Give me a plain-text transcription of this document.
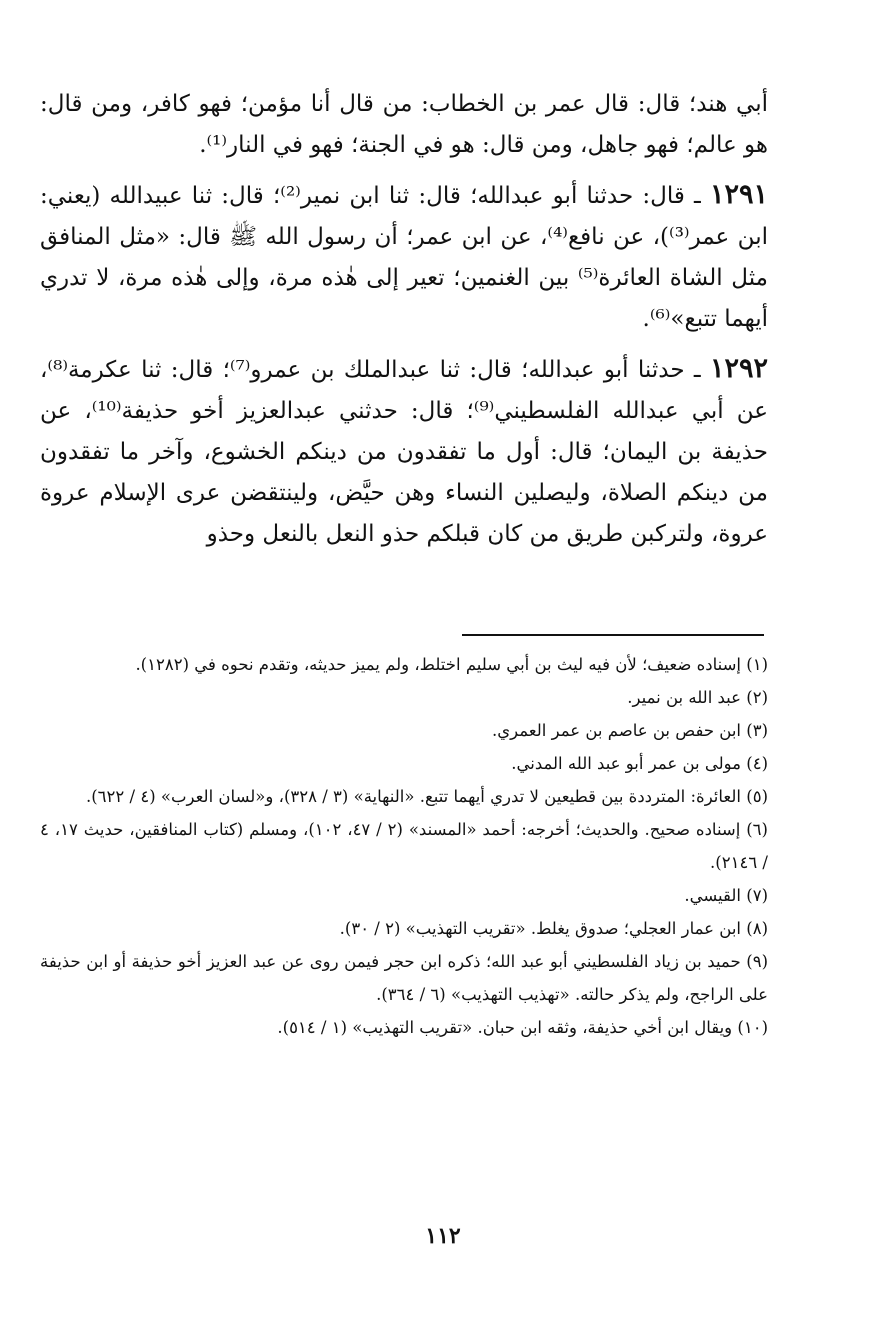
أبي هند؛ قال: قال عمر بن الخطاب: من قال أنا مؤمن؛ فهو كافر، ومن قال: هو عالم؛ فهو جاهل، ومن قال: هو في الجنة؛ فهو في النار⁽¹⁾.

١٢٩١ ـ قال: حدثنا أبو عبدالله؛ قال: ثنا ابن نمير⁽²⁾؛ قال: ثنا عبيدالله (يعني: ابن عمر⁽³⁾)، عن نافع⁽⁴⁾، عن ابن عمر؛ أن رسول الله ﷺ قال: «مثل المنافق مثل الشاة العائرة⁽⁵⁾ بين الغنمين؛ تعير إلى هٰذه مرة، وإلى هٰذه مرة، لا تدري أيهما تتبع»⁽⁶⁾.

١٢٩٢ ـ حدثنا أبو عبدالله؛ قال: ثنا عبدالملك بن عمرو⁽⁷⁾؛ قال: ثنا عكرمة⁽⁸⁾، عن أبي عبدالله الفلسطيني⁽⁹⁾؛ قال: حدثني عبدالعزيز أخو حذيفة⁽¹⁰⁾، عن حذيفة بن اليمان؛ قال: أول ما تفقدون من دينكم الخشوع، وآخر ما تفقدون من دينكم الصلاة، وليصلين النساء وهن حيَّض، ولينتقضن عرى الإسلام عروة عروة، ولتركبن طريق من كان قبلكم حذو النعل بالنعل وحذو

(١) إسناده ضعيف؛ لأن فيه ليث بن أبي سليم اختلط، ولم يميز حديثه، وتقدم نحوه في (١٢٨٢).

(٢) عبد الله بن نمير.

(٣) ابن حفص بن عاصم بن عمر العمري.

(٤) مولى بن عمر أبو عبد الله المدني.

(٥) العائرة: المترددة بين قطيعين لا تدري أيهما تتبع. «النهاية» (٣ / ٣٢٨)، و«لسان العرب» (٤ / ٦٢٢).

(٦) إسناده صحيح. والحديث؛ أخرجه: أحمد «المسند» (٢ / ٤٧، ١٠٢)، ومسلم (كتاب المنافقين، حديث ١٧، ٤ / ٢١٤٦).

(٧) القيسي.

(٨) ابن عمار العجلي؛ صدوق يغلط. «تقريب التهذيب» (٢ / ٣٠).

(٩) حميد بن زياد الفلسطيني أبو عبد الله؛ ذكره ابن حجر فيمن روى عن عبد العزيز أخو حذيفة أو ابن حذيفة على الراجح، ولم يذكر حالته. «تهذيب التهذيب» (٦ / ٣٦٤).

(١٠) ويقال ابن أخي حذيفة، وثقه ابن حبان. «تقريب التهذيب» (١ / ٥١٤).

١١٢
